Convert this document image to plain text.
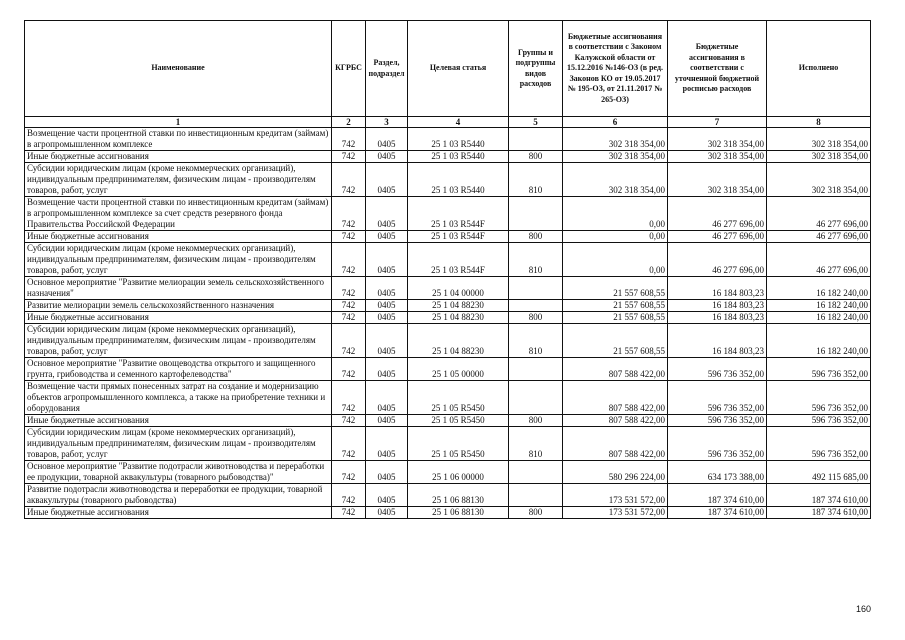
Наименование	КГРБС	Раздел, подраздел	Целевая статья	Группы и подгруппы видов расходов	Бюджетные ассигнования в соответствии с Законом Калужской области от 15.12.2016 №146-ОЗ (в ред. Законов КО от 19.05.2017 № 195-ОЗ, от 21.11.2017 № 265-ОЗ)	Бюджетные ассигнования в соответствии с уточненной бюджетной росписью расходов	Исполнено
1	2	3	4	5	6	7	8
Возмещение части процентной ставки по инвестиционным кредитам (займам) в агропромышленном комплексе	742	0405	25 1 03 R5440		302 318 354,00	302 318 354,00	302 318 354,00
Иные бюджетные ассигнования	742	0405	25 1 03 R5440	800	302 318 354,00	302 318 354,00	302 318 354,00
Субсидии юридическим лицам (кроме некоммерческих организаций), индивидуальным предпринимателям, физическим лицам - производителям товаров, работ, услуг	742	0405	25 1 03 R5440	810	302 318 354,00	302 318 354,00	302 318 354,00
Возмещение части процентной ставки по инвестиционным кредитам (займам) в агропромышленном комплексе за счет средств резервного фонда Правительства Российской Федерации	742	0405	25 1 03 R544F		0,00	46 277 696,00	46 277 696,00
Иные бюджетные ассигнования	742	0405	25 1 03 R544F	800	0,00	46 277 696,00	46 277 696,00
Субсидии юридическим лицам (кроме некоммерческих организаций), индивидуальным предпринимателям, физическим лицам - производителям товаров, работ, услуг	742	0405	25 1 03 R544F	810	0,00	46 277 696,00	46 277 696,00
Основное мероприятие "Развитие мелиорации земель сельскохозяйственного назначения"	742	0405	25 1 04 00000		21 557 608,55	16 184 803,23	16 182 240,00
Развитие мелиорации земель сельскохозяйственного назначения	742	0405	25 1 04 88230		21 557 608,55	16 184 803,23	16 182 240,00
Иные бюджетные ассигнования	742	0405	25 1 04 88230	800	21 557 608,55	16 184 803,23	16 182 240,00
Субсидии юридическим лицам (кроме некоммерческих организаций), индивидуальным предпринимателям, физическим лицам - производителям товаров, работ, услуг	742	0405	25 1 04 88230	810	21 557 608,55	16 184 803,23	16 182 240,00
Основное мероприятие "Развитие овощеводства открытого и защищенного грунта, грибоводства и семенного картофелеводства"	742	0405	25 1 05 00000		807 588 422,00	596 736 352,00	596 736 352,00
Возмещение части прямых понесенных затрат на создание и модернизацию объектов агропромышленного комплекса, а также на приобретение техники и оборудования	742	0405	25 1 05 R5450		807 588 422,00	596 736 352,00	596 736 352,00
Иные бюджетные ассигнования	742	0405	25 1 05 R5450	800	807 588 422,00	596 736 352,00	596 736 352,00
Субсидии юридическим лицам (кроме некоммерческих организаций), индивидуальным предпринимателям, физическим лицам - производителям товаров, работ, услуг	742	0405	25 1 05 R5450	810	807 588 422,00	596 736 352,00	596 736 352,00
Основное мероприятие "Развитие подотрасли животноводства и переработки ее продукции, товарной аквакультуры (товарного рыбоводства)"	742	0405	25 1 06 00000		580 296 224,00	634 173 388,00	492 115 685,00
Развитие подотрасли животноводства и переработки ее продукции, товарной аквакультуры (товарного рыбоводства)	742	0405	25 1 06 88130		173 531 572,00	187 374 610,00	187 374 610,00
Иные бюджетные ассигнования	742	0405	25 1 06 88130	800	173 531 572,00	187 374 610,00	187 374 610,00
160
